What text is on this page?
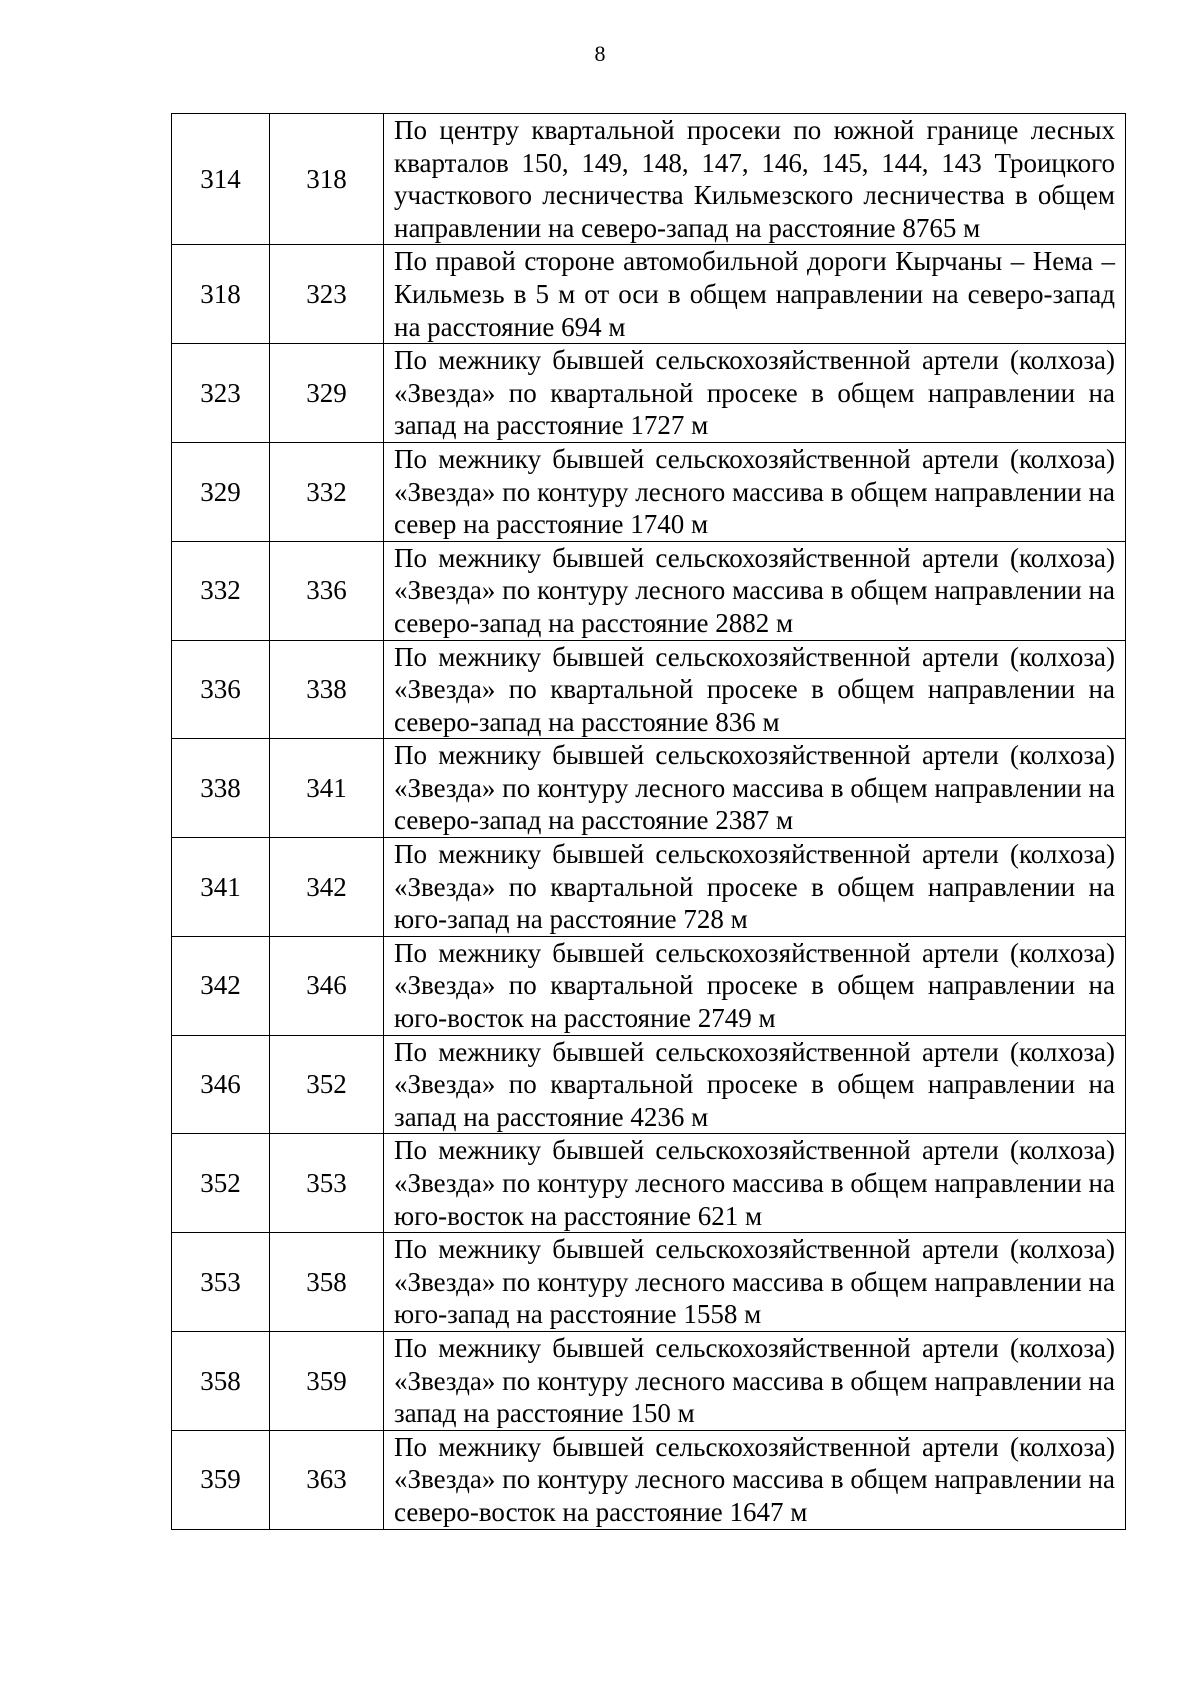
8
314	318	По центру квартальной просеки по южной границе лесных кварталов 150, 149, 148, 147, 146, 145, 144, 143 Троицкого участкового лесничества Кильмезского лесничества в общем направлении на северо-запад на расстояние 8765 м
318	323	По правой стороне автомобильной дороги Кырчаны – Нема – Кильмезь в 5 м от оси в общем направлении на северо-запад на расстояние 694 м
323	329	По межнику бывшей сельскохозяйственной артели (колхоза) «Звезда» по квартальной просеке в общем направлении на запад на расстояние 1727 м
329	332	По межнику бывшей сельскохозяйственной артели (колхоза) «Звезда» по контуру лесного массива в общем направлении на север на расстояние 1740 м
332	336	По межнику бывшей сельскохозяйственной артели (колхоза) «Звезда» по контуру лесного массива в общем направлении на северо-запад на расстояние 2882 м
336	338	По межнику бывшей сельскохозяйственной артели (колхоза) «Звезда» по квартальной просеке в общем направлении на северо-запад на расстояние 836 м
338	341	По межнику бывшей сельскохозяйственной артели (колхоза) «Звезда» по контуру лесного массива в общем направлении на северо-запад на расстояние 2387 м
341	342	По межнику бывшей сельскохозяйственной артели (колхоза) «Звезда» по квартальной просеке в общем направлении на юго-запад на расстояние 728 м
342	346	По межнику бывшей сельскохозяйственной артели (колхоза) «Звезда» по квартальной просеке в общем направлении на юго-восток на расстояние 2749 м
346	352	По межнику бывшей сельскохозяйственной артели (колхоза) «Звезда» по квартальной просеке в общем направлении на запад на расстояние 4236 м
352	353	По межнику бывшей сельскохозяйственной артели (колхоза) «Звезда» по контуру лесного массива в общем направлении на юго-восток на расстояние 621 м
353	358	По межнику бывшей сельскохозяйственной артели (колхоза) «Звезда» по контуру лесного массива в общем направлении на юго-запад на расстояние 1558 м
358	359	По межнику бывшей сельскохозяйственной артели (колхоза) «Звезда» по контуру лесного массива в общем направлении на запад на расстояние 150 м
359	363	По межнику бывшей сельскохозяйственной артели (колхоза) «Звезда» по контуру лесного массива в общем направлении на северо-восток на расстояние 1647 м
